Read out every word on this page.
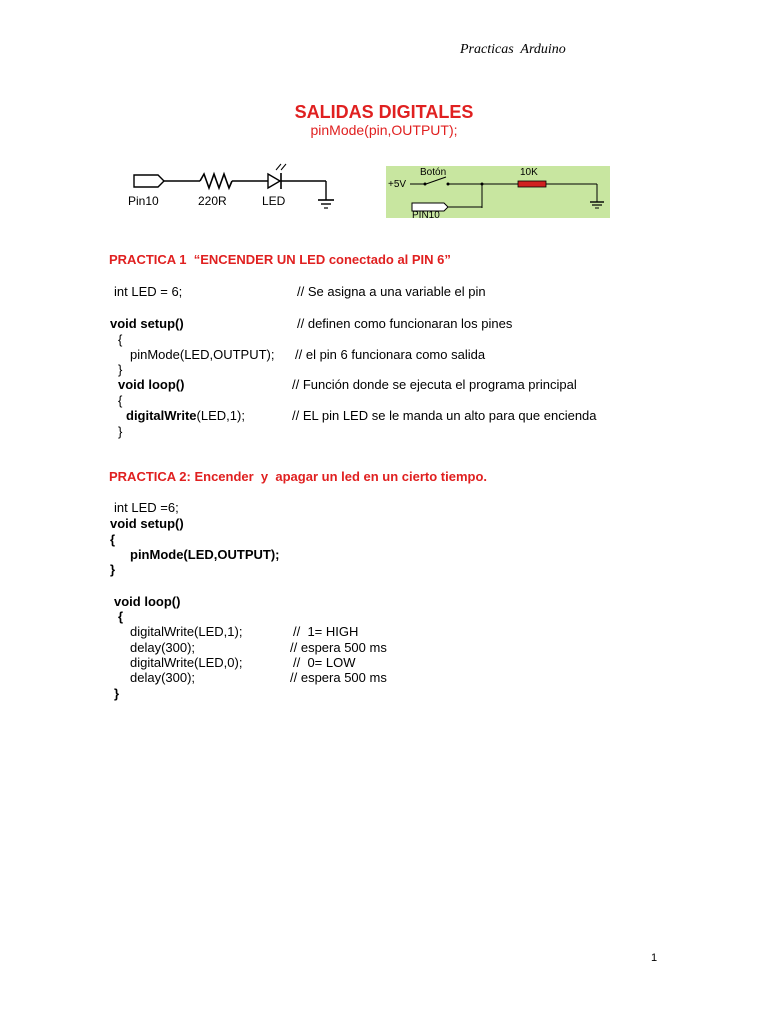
Practicas  Arduino
SALIDAS DIGITALES
pinMode(pin,OUTPUT);
Pin10	220R	LED
Botón
+5V
10K
PIN10
PRACTICA 1  “ENCENDER UN LED conectado al PIN 6”
int LED = 6;	// Se asigna a una variable el pin
void setup()	// definen como funcionaran los pines
{
pinMode(LED,OUTPUT); // el pin 6 funcionara como salida
}
void loop()	// Función donde se ejecuta el programa principal
{
digitalWrite(LED,1);	// EL pin LED se le manda un alto para que encienda
}
PRACTICA 2: Encender  y  apagar un led en un cierto tiempo.
int LED =6;
void setup()
{
pinMode(LED,OUTPUT);
}
void loop()
{
digitalWrite(LED,1);	//  1= HIGH
delay(300);	// espera 500 ms
digitalWrite(LED,0);	//  0= LOW
delay(300);	// espera 500 ms
}
1
